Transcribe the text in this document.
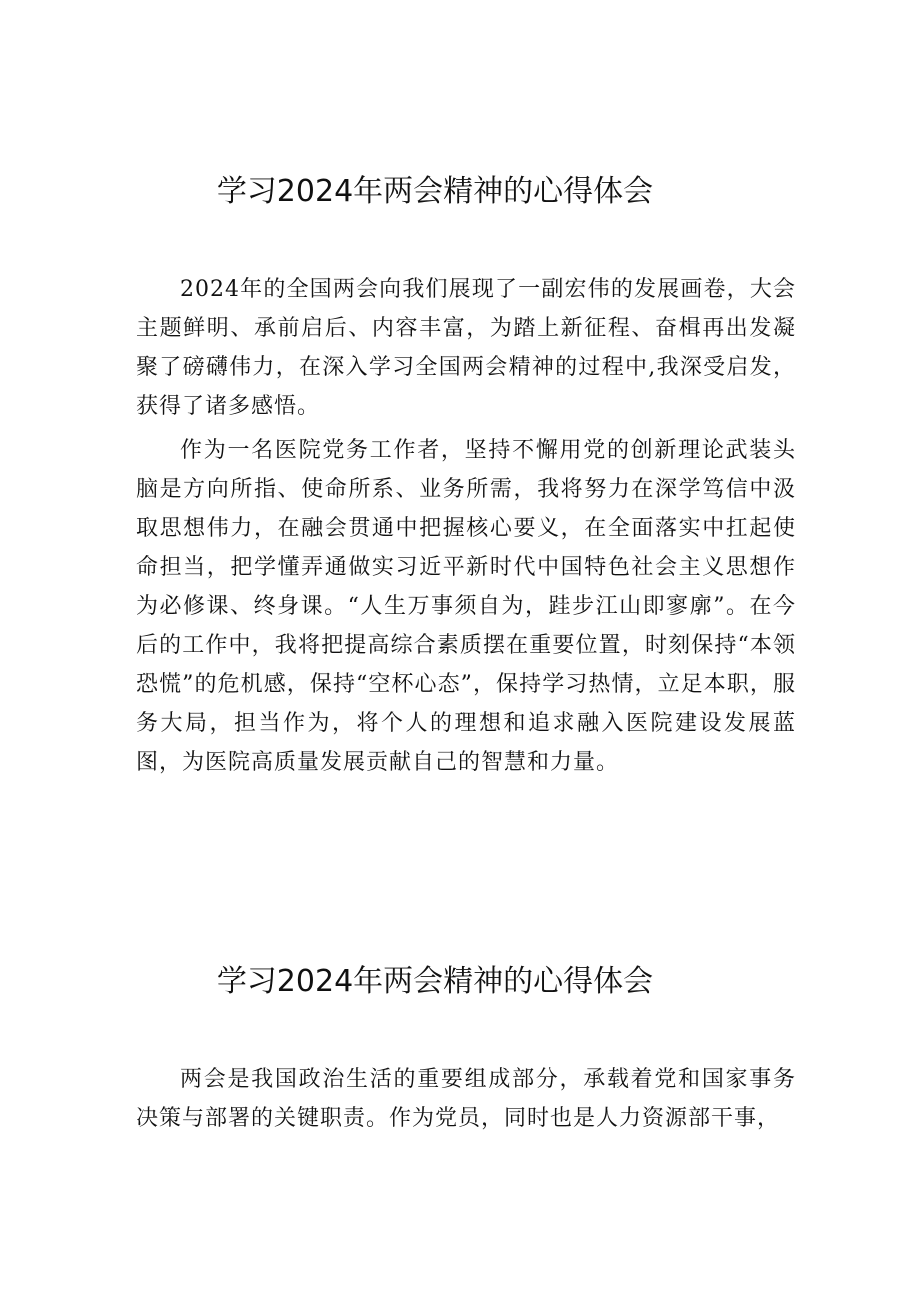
学习2024年两会精神的心得体会

2024年的全国两会向我们展现了一副宏伟的发展画卷，大会主题鲜明、承前启后、内容丰富，为踏上新征程、奋楫再出发凝聚了磅礴伟力，在深入学习全国两会精神的过程中,我深受启发，获得了诸多感悟。

作为一名医院党务工作者，坚持不懈用党的创新理论武装头脑是方向所指、使命所系、业务所需，我将努力在深学笃信中汲取思想伟力，在融会贯通中把握核心要义，在全面落实中扛起使命担当，把学懂弄通做实习近平新时代中国特色社会主义思想作为必修课、终身课。“人生万事须自为，跬步江山即寥廓”。在今后的工作中，我将把提高综合素质摆在重要位置，时刻保持“本领恐慌”的危机感，保持“空杯心态”，保持学习热情，立足本职，服务大局，担当作为，将个人的理想和追求融入医院建设发展蓝图，为医院高质量发展贡献自己的智慧和力量。

学习2024年两会精神的心得体会

两会是我国政治生活的重要组成部分，承载着党和国家事务决策与部署的关键职责。作为党员，同时也是人力资源部干事，
